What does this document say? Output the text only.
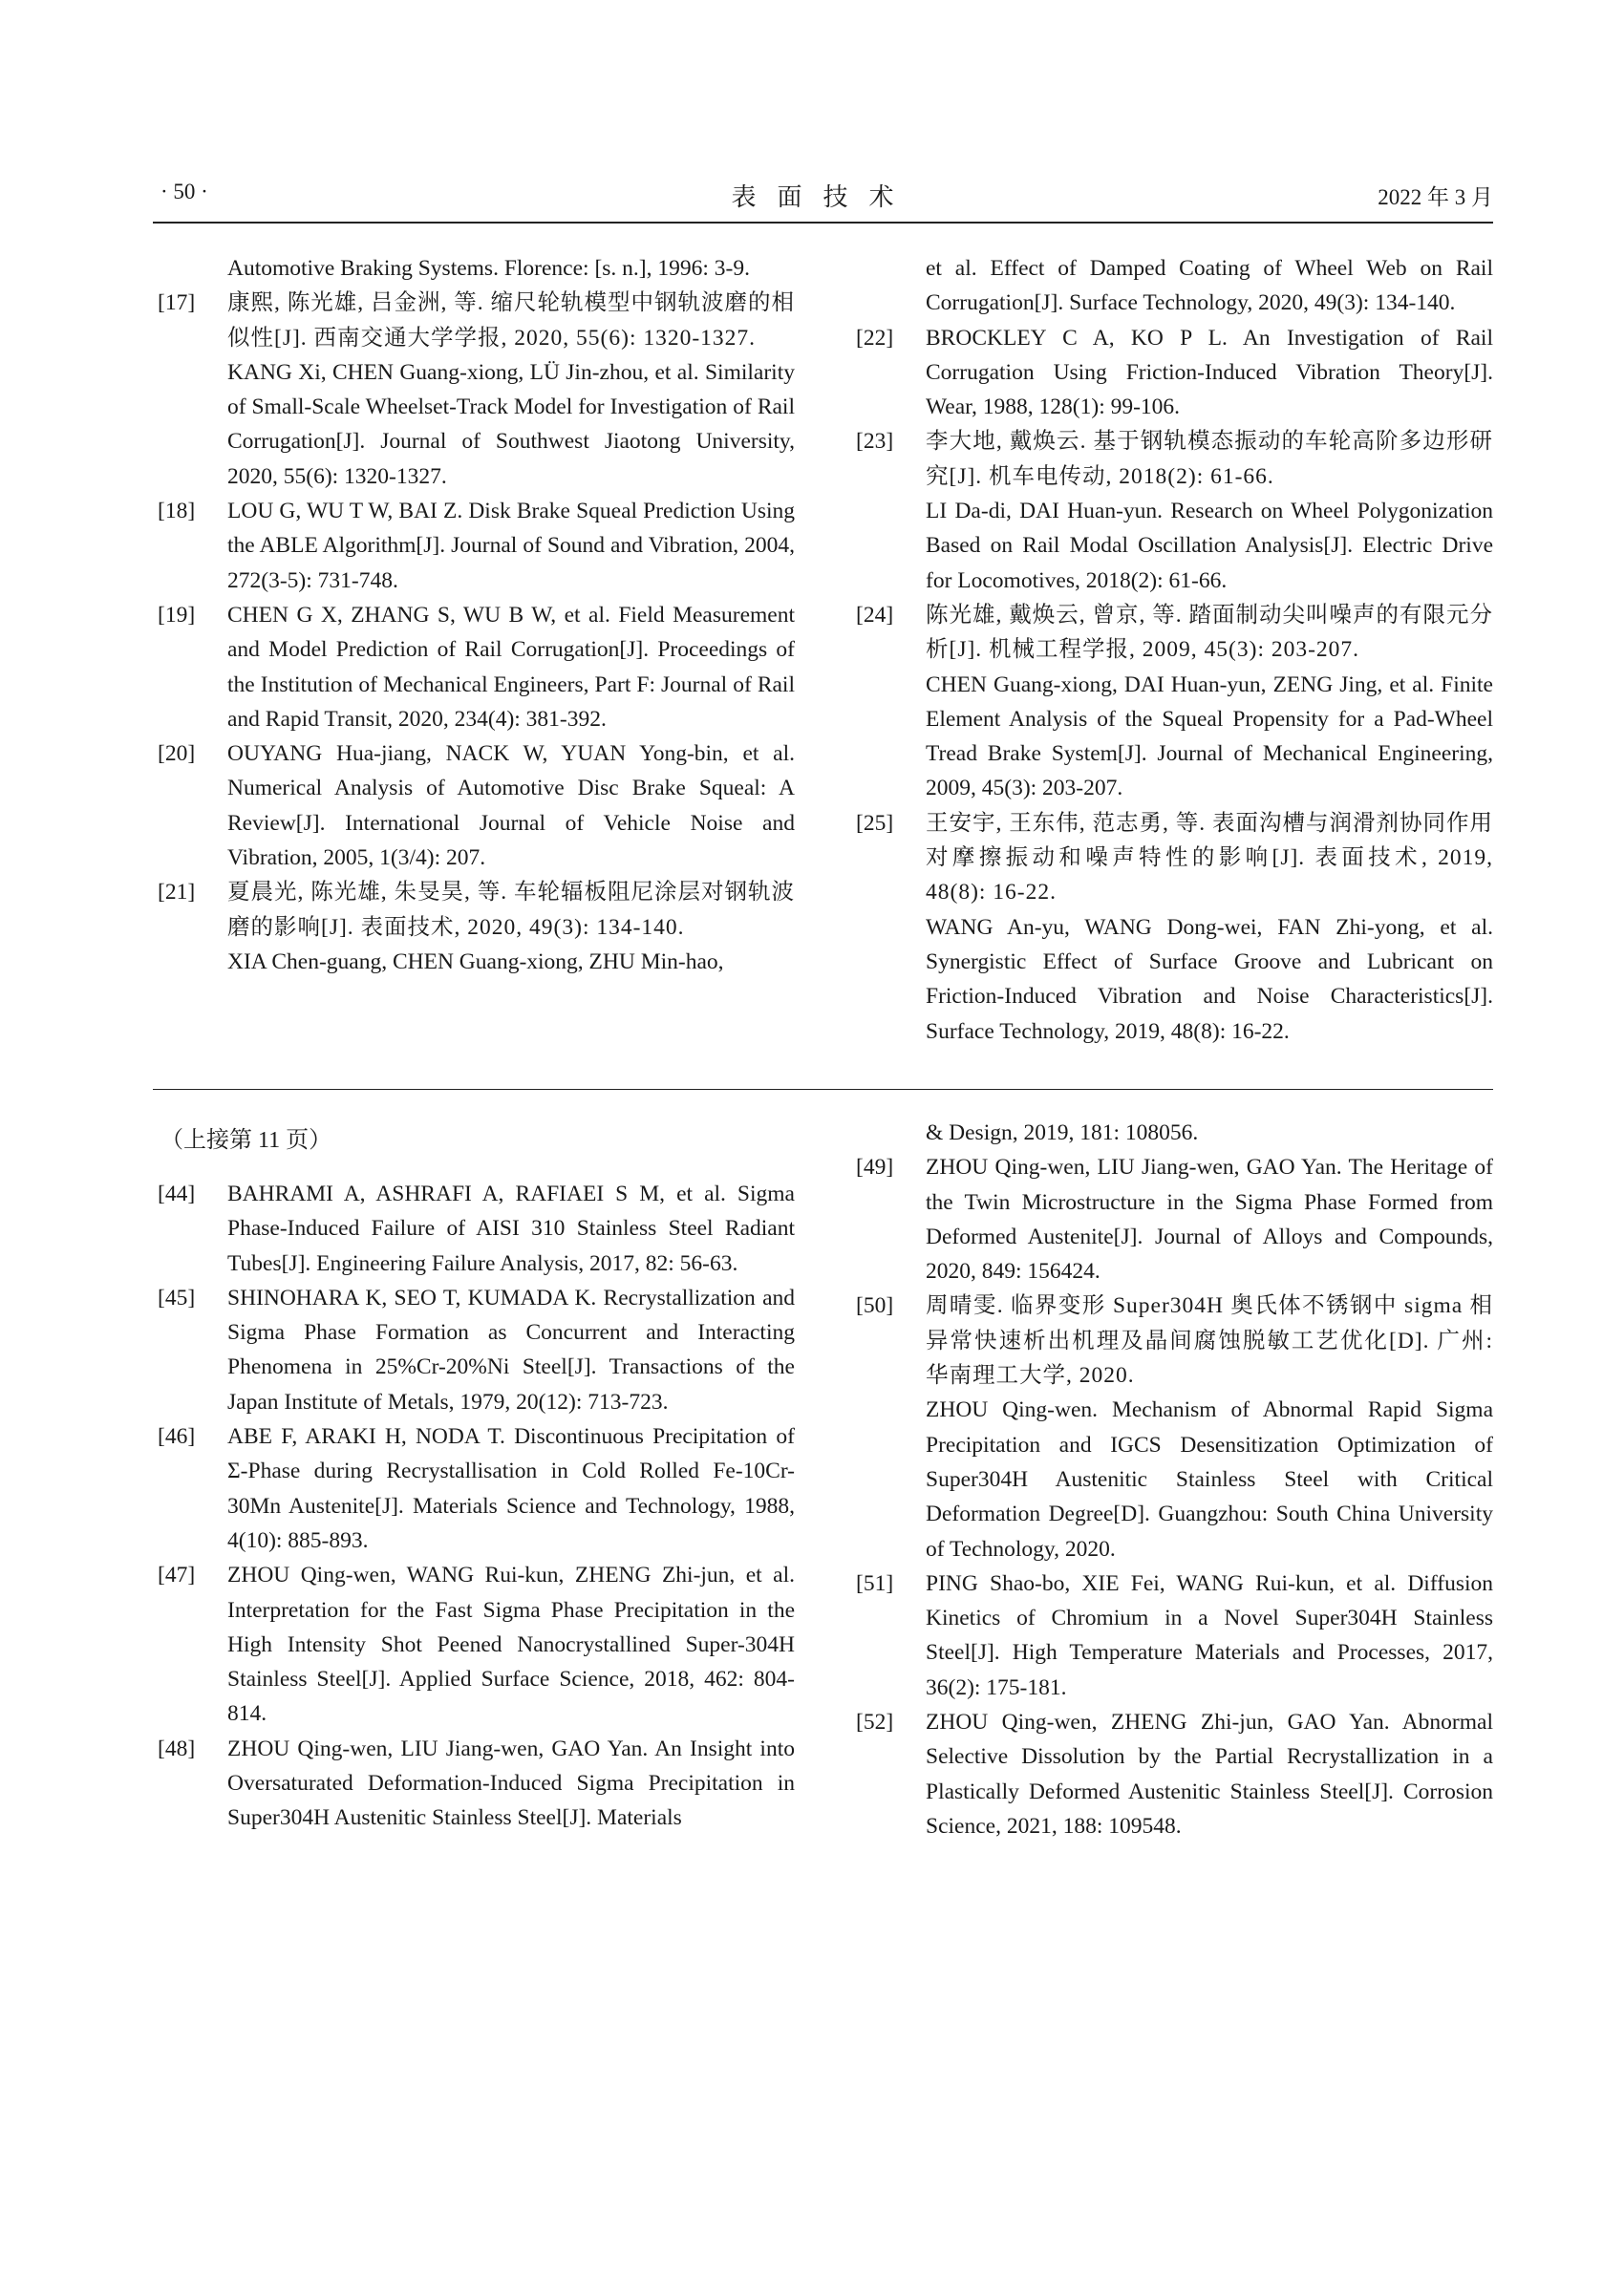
· 50 ·	表面技术	2022 年 3 月
Automotive Braking Systems. Florence: [s. n.], 1996: 3-9.
[17] 康熙, 陈光雄, 吕金洲, 等. 缩尺轮轨模型中钢轨波磨的相似性[J]. 西南交通大学学报, 2020, 55(6): 1320-1327.
KANG Xi, CHEN Guang-xiong, LÜ Jin-zhou, et al. Similarity of Small-Scale Wheelset-Track Model for Investigation of Rail Corrugation[J]. Journal of Southwest Jiaotong University, 2020, 55(6): 1320-1327.
[18] LOU G, WU T W, BAI Z. Disk Brake Squeal Prediction Using the ABLE Algorithm[J]. Journal of Sound and Vibration, 2004, 272(3-5): 731-748.
[19] CHEN G X, ZHANG S, WU B W, et al. Field Measurement and Model Prediction of Rail Corrugation[J]. Proceedings of the Institution of Mechanical Engineers, Part F: Journal of Rail and Rapid Transit, 2020, 234(4): 381-392.
[20] OUYANG Hua-jiang, NACK W, YUAN Yong-bin, et al. Numerical Analysis of Automotive Disc Brake Squeal: A Review[J]. International Journal of Vehicle Noise and Vibration, 2005, 1(3/4): 207.
[21] 夏晨光, 陈光雄, 朱旻昊, 等. 车轮辐板阻尼涂层对钢轨波磨的影响[J]. 表面技术, 2020, 49(3): 134-140.
XIA Chen-guang, CHEN Guang-xiong, ZHU Min-hao,
et al. Effect of Damped Coating of Wheel Web on Rail Corrugation[J]. Surface Technology, 2020, 49(3): 134-140.
[22] BROCKLEY C A, KO P L. An Investigation of Rail Corrugation Using Friction-Induced Vibration Theory[J]. Wear, 1988, 128(1): 99-106.
[23] 李大地, 戴焕云. 基于钢轨模态振动的车轮高阶多边形研究[J]. 机车电传动, 2018(2): 61-66.
LI Da-di, DAI Huan-yun. Research on Wheel Polygonization Based on Rail Modal Oscillation Analysis[J]. Electric Drive for Locomotives, 2018(2): 61-66.
[24] 陈光雄, 戴焕云, 曾京, 等. 踏面制动尖叫噪声的有限元分析[J]. 机械工程学报, 2009, 45(3): 203-207.
CHEN Guang-xiong, DAI Huan-yun, ZENG Jing, et al. Finite Element Analysis of the Squeal Propensity for a Pad-Wheel Tread Brake System[J]. Journal of Mechanical Engineering, 2009, 45(3): 203-207.
[25] 王安宇, 王东伟, 范志勇, 等. 表面沟槽与润滑剂协同作用对摩擦振动和噪声特性的影响[J]. 表面技术, 2019, 48(8): 16-22.
WANG An-yu, WANG Dong-wei, FAN Zhi-yong, et al. Synergistic Effect of Surface Groove and Lubricant on Friction-Induced Vibration and Noise Characteristics[J]. Surface Technology, 2019, 48(8): 16-22.
（上接第 11 页）
[44] BAHRAMI A, ASHRAFI A, RAFIAEI S M, et al. Sigma Phase-Induced Failure of AISI 310 Stainless Steel Radiant Tubes[J]. Engineering Failure Analysis, 2017, 82: 56-63.
[45] SHINOHARA K, SEO T, KUMADA K. Recrystallization and Sigma Phase Formation as Concurrent and Interacting Phenomena in 25%Cr-20%Ni Steel[J]. Transactions of the Japan Institute of Metals, 1979, 20(12): 713-723.
[46] ABE F, ARAKI H, NODA T. Discontinuous Precipitation of Σ-Phase during Recrystallisation in Cold Rolled Fe-10Cr-30Mn Austenite[J]. Materials Science and Technology, 1988, 4(10): 885-893.
[47] ZHOU Qing-wen, WANG Rui-kun, ZHENG Zhi-jun, et al. Interpretation for the Fast Sigma Phase Precipitation in the High Intensity Shot Peened Nanocrystallined Super-304H Stainless Steel[J]. Applied Surface Science, 2018, 462: 804-814.
[48] ZHOU Qing-wen, LIU Jiang-wen, GAO Yan. An Insight into Oversaturated Deformation-Induced Sigma Precipitation in Super304H Austenitic Stainless Steel[J]. Materials
& Design, 2019, 181: 108056.
[49] ZHOU Qing-wen, LIU Jiang-wen, GAO Yan. The Heritage of the Twin Microstructure in the Sigma Phase Formed from Deformed Austenite[J]. Journal of Alloys and Compounds, 2020, 849: 156424.
[50] 周晴雯. 临界变形 Super304H 奥氏体不锈钢中 sigma 相异常快速析出机理及晶间腐蚀脱敏工艺优化[D]. 广州: 华南理工大学, 2020.
ZHOU Qing-wen. Mechanism of Abnormal Rapid Sigma Precipitation and IGCS Desensitization Optimization of Super304H Austenitic Stainless Steel with Critical Deformation Degree[D]. Guangzhou: South China University of Technology, 2020.
[51] PING Shao-bo, XIE Fei, WANG Rui-kun, et al. Diffusion Kinetics of Chromium in a Novel Super304H Stainless Steel[J]. High Temperature Materials and Processes, 2017, 36(2): 175-181.
[52] ZHOU Qing-wen, ZHENG Zhi-jun, GAO Yan. Abnormal Selective Dissolution by the Partial Recrystallization in a Plastically Deformed Austenitic Stainless Steel[J]. Corrosion Science, 2021, 188: 109548.
